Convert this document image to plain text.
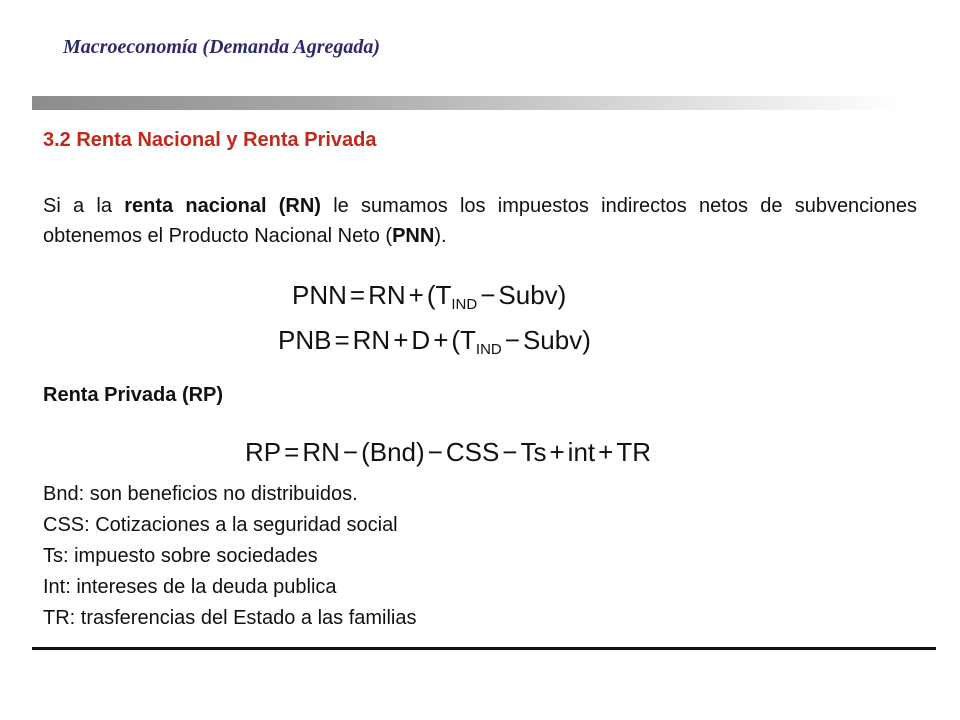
Macroeconomía (Demanda Agregada)
3.2 Renta Nacional y Renta Privada
Si a la renta nacional (RN) le sumamos los impuestos indirectos netos de subvenciones obtenemos el Producto Nacional Neto (PNN).
PNN = RN + ($T_{IND}$ − Subv)
PNB = RN + $D + (T_{IND}$ − Subv)
Renta Privada (RP)
RP = RN − (Bnd) − CSS − Ts + int + TR
Bnd: son beneficios no distribuidos.
CSS: Cotizaciones a la seguridad social
Ts: impuesto sobre sociedades
Int: intereses de la deuda publica
TR: trasferencias del Estado a las familias
